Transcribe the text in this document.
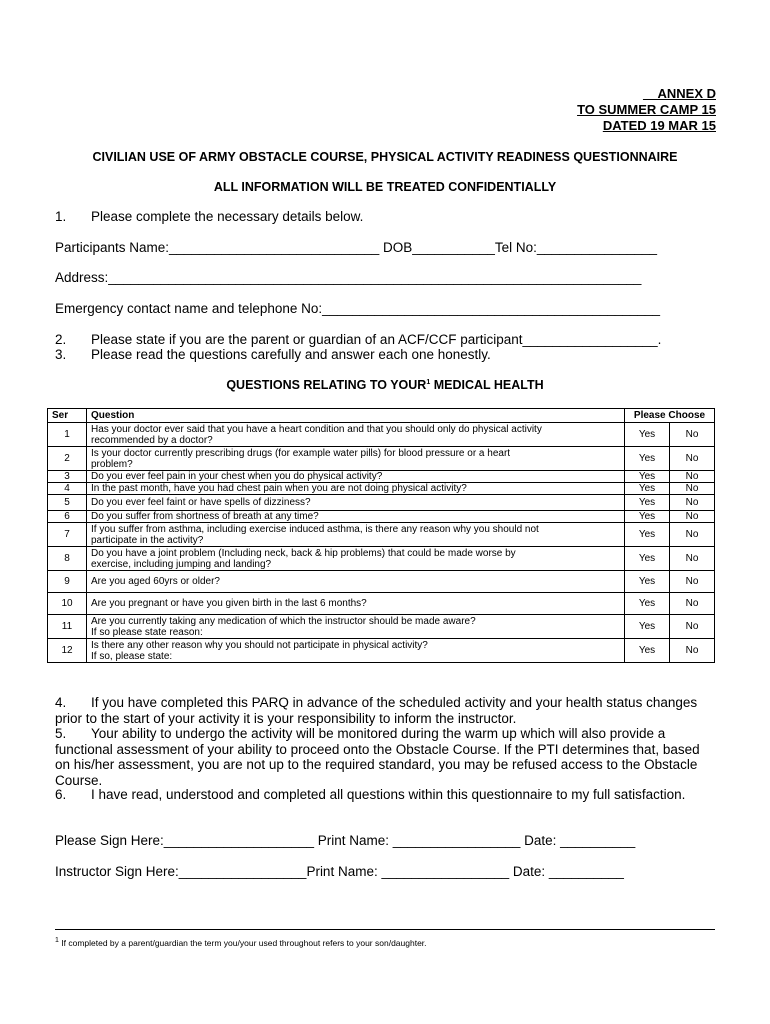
__ANNEX D
TO SUMMER CAMP 15
DATED 19 MAR 15
CIVILIAN USE OF ARMY OBSTACLE COURSE, PHYSICAL ACTIVITY READINESS QUESTIONNAIRE
ALL INFORMATION WILL BE TREATED CONFIDENTIALLY
1. Please complete the necessary details below.
Participants Name:____________________________ DOB___________Tel No:________________
Address:_______________________________________________________________________
Emergency contact name and telephone No:_____________________________________________
2. Please state if you are the parent or guardian of an ACF/CCF participant__________________.
3. Please read the questions carefully and answer each one honestly.
QUESTIONS RELATING TO YOUR$^1$ MEDICAL HEALTH
Ser	Question	Please Choose	
1	Has your doctor ever said that you have a heart condition and that you should only do physical activity
recommended by a doctor?	Yes	No
2	Is your doctor currently prescribing drugs (for example water pills) for blood pressure or a heart
problem?	Yes	No
3	Do you ever feel pain in your chest when you do physical activity?	Yes	No
4	In the past month, have you had chest pain when you are not doing physical activity?	Yes	No
5	Do you ever feel faint or have spells of dizziness?	Yes	No
6	Do you suffer from shortness of breath at any time?	Yes	No
7	If you suffer from asthma, including exercise induced asthma, is there any reason why you should not
participate in the activity?	Yes	No
8	Do you have a joint problem (Including neck, back & hip problems) that could be made worse by
exercise, including jumping and landing?	Yes	No
9	Are you aged 60yrs or older?	Yes	No
10	Are you pregnant or have you given birth in the last 6 months?	Yes	No
11	Are you currently taking any medication of which the instructor should be made aware?
If so please state reason:	Yes	No
12	Is there any other reason why you should not participate in physical activity?
If so, please state:	Yes	No
4. If you have completed this PARQ in advance of the scheduled activity and your health status changes prior to the start of your activity it is your responsibility to inform the instructor.
5. Your ability to undergo the activity will be monitored during the warm up which will also provide a functional assessment of your ability to proceed onto the Obstacle Course. If the PTI determines that, based on his/her assessment, you are not up to the required standard, you may be refused access to the Obstacle Course.
6. I have read, understood and completed all questions within this questionnaire to my full satisfaction.
Please Sign Here:____________________ Print Name: _________________ Date: __________
Instructor Sign Here:_________________Print Name: _________________ Date: __________
$^1$ If completed by a parent/guardian the term you/your used throughout refers to your son/daughter.
